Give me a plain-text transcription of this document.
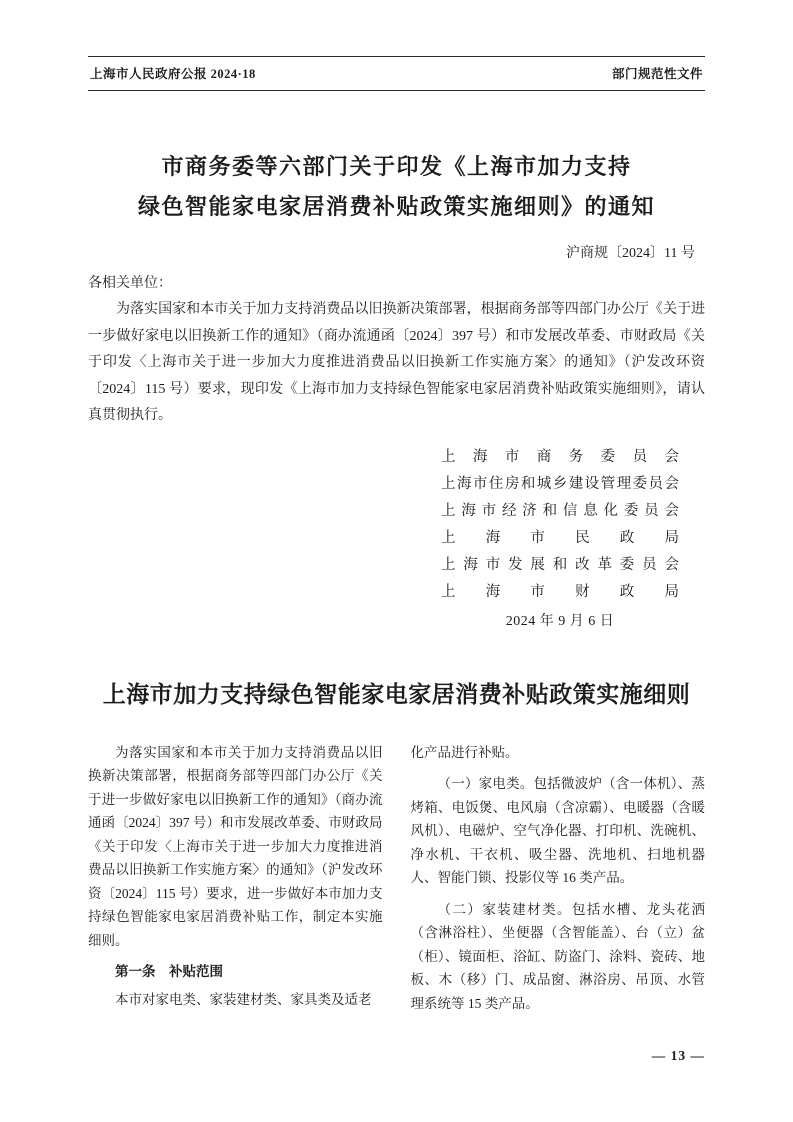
上海市人民政府公报 2024·18	部门规范性文件
市商务委等六部门关于印发《上海市加力支持
绿色智能家电家居消费补贴政策实施细则》的通知

沪商规〔2024〕11 号

各相关单位：

为落实国家和本市关于加力支持消费品以旧换新决策部署，根据商务部等四部门办公厅《关于进一步做好家电以旧换新工作的通知》（商办流通函〔2024〕397 号）和市发展改革委、市财政局《关于印发〈上海市关于进一步加大力度推进消费品以旧换新工作实施方案〉的通知》（沪发改环资〔2024〕115 号）要求，现印发《上海市加力支持绿色智能家电家居消费补贴政策实施细则》，请认真贯彻执行。

上海市商务委员会
上海市住房和城乡建设管理委员会
上海市经济和信息化委员会
上海市民政局
上海市发展和改革委员会
上海市财政局
2024 年 9 月 6 日
上海市加力支持绿色智能家电家居消费补贴政策实施细则

为落实国家和本市关于加力支持消费品以旧换新决策部署，根据商务部等四部门办公厅《关于进一步做好家电以旧换新工作的通知》（商办流通函〔2024〕397 号）和市发展改革委、市财政局《关于印发〈上海市关于进一步加大力度推进消费品以旧换新工作实施方案〉的通知》（沪发改环资〔2024〕115 号）要求，进一步做好本市加力支持绿色智能家电家居消费补贴工作，制定本实施细则。

第一条　补贴范围

本市对家电类、家装建材类、家具类及适老

化产品进行补贴。

（一）家电类。包括微波炉（含一体机）、蒸烤箱、电饭煲、电风扇（含凉霸）、电暖器（含暖风机）、电磁炉、空气净化器、打印机、洗碗机、净水机、干衣机、吸尘器、洗地机、扫地机器人、智能门锁、投影仪等 16 类产品。

（二）家装建材类。包括水槽、龙头花洒（含淋浴柱）、坐便器（含智能盖）、台（立）盆（柜）、镜面柜、浴缸、防盗门、涂料、瓷砖、地板、木（移）门、成品窗、淋浴房、吊顶、水管理系统等 15 类产品。

— 13 —
